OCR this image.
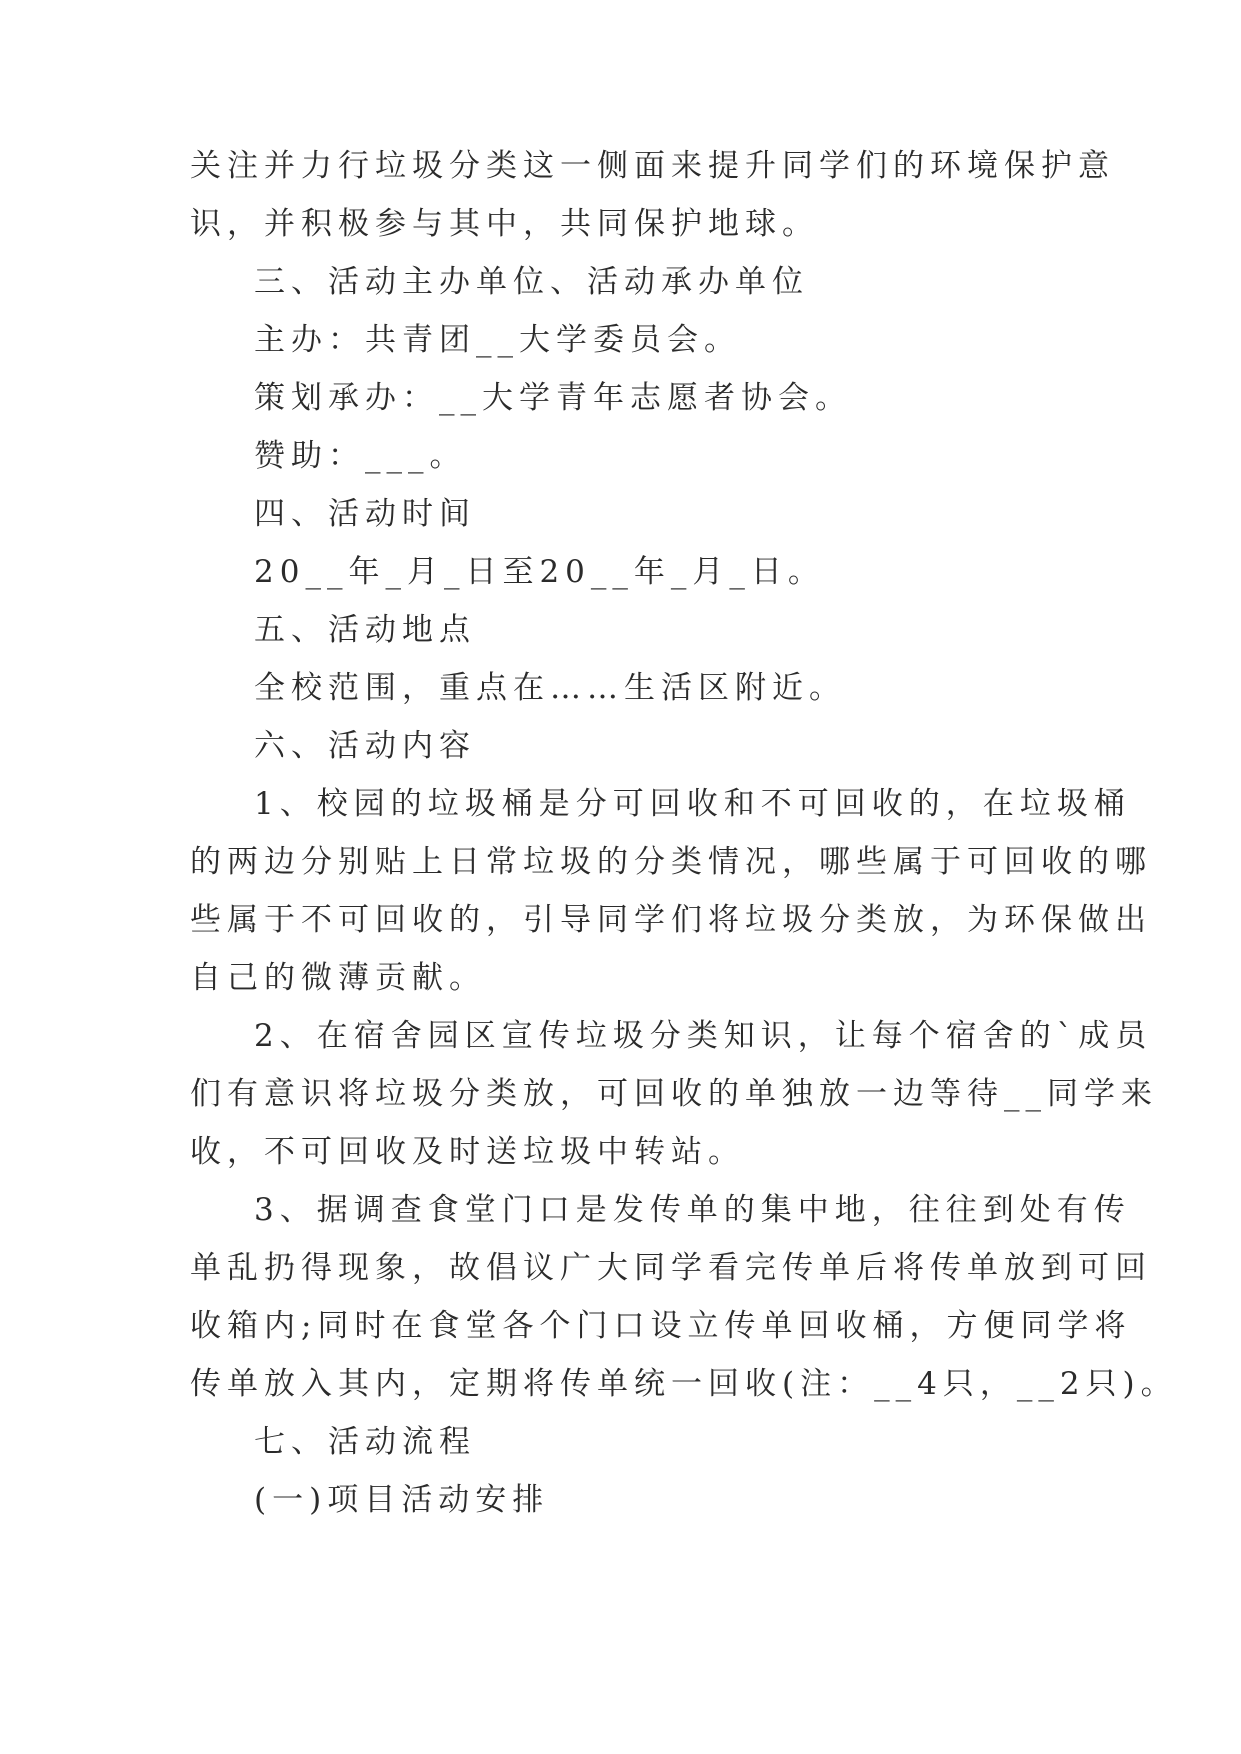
关注并力行垃圾分类这一侧面来提升同学们的环境保护意
识，并积极参与其中，共同保护地球。
三、活动主办单位、活动承办单位
主办：共青团__大学委员会。
策划承办：__大学青年志愿者协会。
赞助：___。
四、活动时间
20__年_月_日至20__年_月_日。
五、活动地点
全校范围，重点在……生活区附近。
六、活动内容
1、校园的垃圾桶是分可回收和不可回收的，在垃圾桶
的两边分别贴上日常垃圾的分类情况，哪些属于可回收的哪
些属于不可回收的，引导同学们将垃圾分类放，为环保做出
自己的微薄贡献。
2、在宿舍园区宣传垃圾分类知识，让每个宿舍的`成员
们有意识将垃圾分类放，可回收的单独放一边等待__同学来
收，不可回收及时送垃圾中转站。
3、据调查食堂门口是发传单的集中地，往往到处有传
单乱扔得现象，故倡议广大同学看完传单后将传单放到可回
收箱内;同时在食堂各个门口设立传单回收桶，方便同学将
传单放入其内，定期将传单统一回收(注：__4只，__2只)。
七、活动流程
(一)项目活动安排
